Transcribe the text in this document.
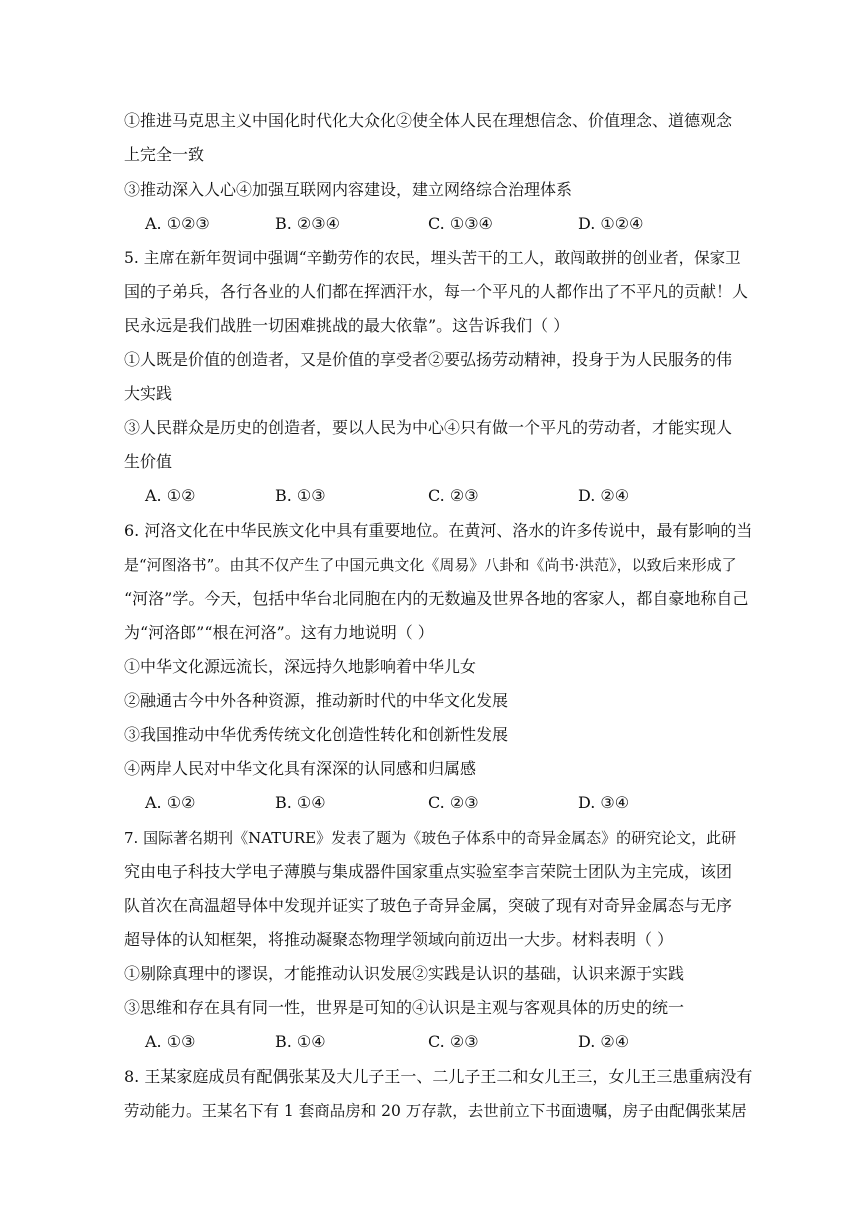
①推进马克思主义中国化时代化大众化②使全体人民在理想信念、价值理念、道德观念
上完全一致
③推动深入人心④加强互联网内容建设，建立网络综合治理体系
A. ①②③	B. ②③④	C. ①③④	D. ①②④
5. 主席在新年贺词中强调“辛勤劳作的农民，埋头苦干的工人，敢闯敢拼的创业者，保家卫
国的子弟兵，各行各业的人们都在挥洒汗水，每一个平凡的人都作出了不平凡的贡献！人
民永远是我们战胜一切困难挑战的最大依靠”。这告诉我们（ ）
①人既是价值的创造者，又是价值的享受者②要弘扬劳动精神，投身于为人民服务的伟
大实践
③人民群众是历史的创造者，要以人民为中心④只有做一个平凡的劳动者，才能实现人
生价值
A. ①②	B. ①③	C. ②③	D. ②④
6. 河洛文化在中华民族文化中具有重要地位。在黄河、洛水的许多传说中，最有影响的当
是“河图洛书”。由其不仅产生了中国元典文化《周易》八卦和《尚书·洪范》，以致后来形成了
“河洛”学。今天，包括中华台北同胞在内的无数遍及世界各地的客家人，都自豪地称自己
为“河洛郎”“根在河洛”。这有力地说明（ ）
①中华文化源远流长，深远持久地影响着中华儿女
②融通古今中外各种资源，推动新时代的中华文化发展
③我国推动中华优秀传统文化创造性转化和创新性发展
④两岸人民对中华文化具有深深的认同感和归属感
A. ①②	B. ①④	C. ②③	D. ③④
7. 国际著名期刊《NATURE》发表了题为《玻色子体系中的奇异金属态》的研究论文，此研
究由电子科技大学电子薄膜与集成器件国家重点实验室李言荣院士团队为主完成，该团
队首次在高温超导体中发现并证实了玻色子奇异金属，突破了现有对奇异金属态与无序
超导体的认知框架，将推动凝聚态物理学领域向前迈出一大步。材料表明（ ）
①剔除真理中的谬误，才能推动认识发展②实践是认识的基础，认识来源于实践
③思维和存在具有同一性，世界是可知的④认识是主观与客观具体的历史的统一
A. ①③	B. ①④	C. ②③	D. ②④
8. 王某家庭成员有配偶张某及大儿子王一、二儿子王二和女儿王三，女儿王三患重病没有
劳动能力。王某名下有 1 套商品房和 20 万存款，去世前立下书面遗嘱，房子由配偶张某居
